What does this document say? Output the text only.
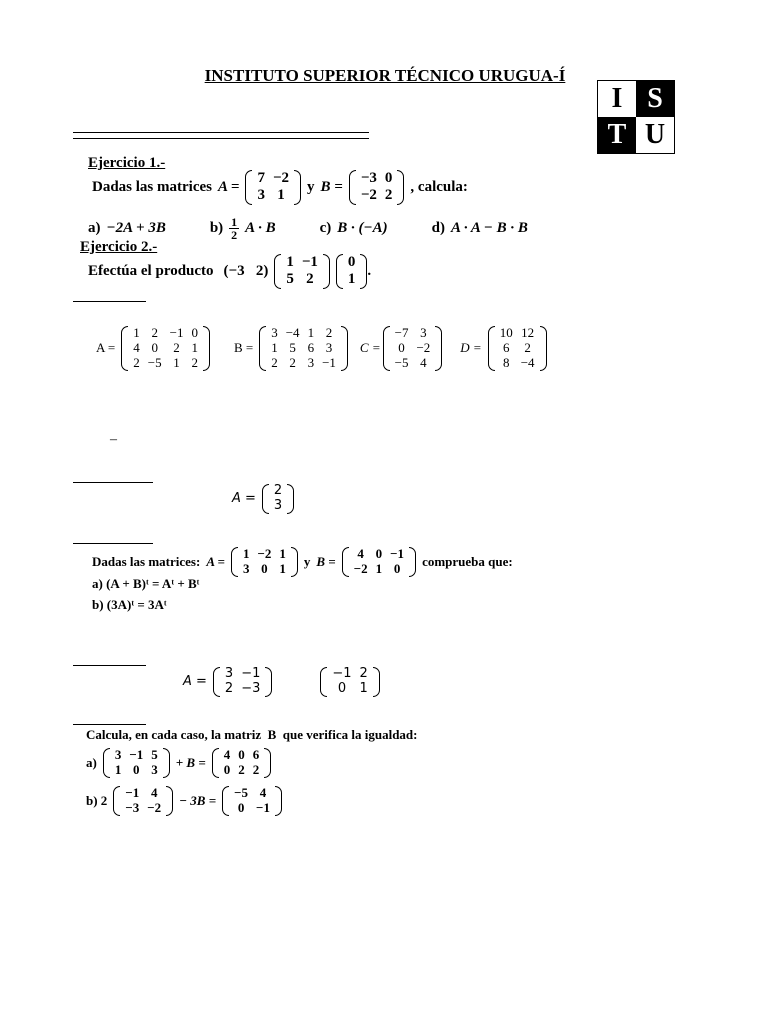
INSTITUTO SUPERIOR TÉCNICO URUGUA-Í
I S
T U
Ejercicio 1.-
Dadas las matrices A =
7	−2
3	1
y B =
−3	0
−2	2
, calcula:
a) −2A + 3B	$b) \frac{1}{2}$ A · B	c) B · (−A)	d) A · A − B · B
Ejercicio 2.-
Efectúa el producto (−3   2)
1	−1
5	2
0
1
.
A =
1	2	−1	0
4	0	2	1
2	−5	1	2
B =
3	−4	1	2
1	5	6	3
2	2	3	−1
C =
−7	3
0	−2
−5	4
D =
10	12
6	2
8	−4
–
A =
2
3
Dadas las matrices: A =
1	−2	1
3	0	1 y B =
4	0	−1
−2	1	0 comprueba que:
a) (A + B)ᵗ = Aᵗ + Bᵗ
b) (3A)ᵗ = 3Aᵗ
A =
3	−1
2	−3
−1	2
0	1
Calcula, en cada caso, la matriz  B  que verifica la igualdad:
a)
3	−1	5
1	0	3 + B =
4	0	6
0	2	2
b) 2
−1	4
−3	−2 − 3B =
−5	4
0	−1
